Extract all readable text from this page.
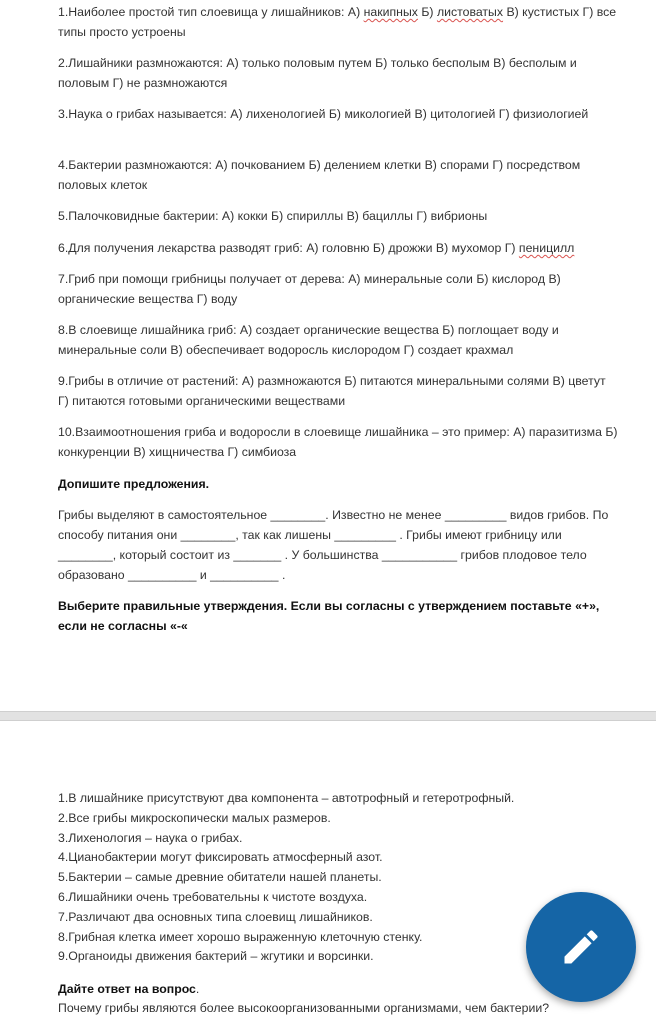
1.Наиболее простой тип слоевища у лишайников: А) накипных Б) листоватых В) кустистых Г) все типы просто устроены

2.Лишайники размножаются: А) только половым путем Б) только бесполым В) бесполым и половым Г) не размножаются

3.Наука о грибах называется: А) лихенологией Б) микологией В) цитологией Г) физиологией

4.Бактерии размножаются: А) почкованием Б) делением клетки В) спорами Г) посредством половых клеток

5.Палочковидные бактерии: А) кокки Б) спириллы В) бациллы Г) вибрионы

6.Для получения лекарства разводят гриб: А) головню Б) дрожжи В) мухомор Г) пеницилл

7.Гриб при помощи грибницы получает от дерева: А) минеральные соли Б) кислород В) органические вещества Г) воду

8.В слоевище лишайника гриб: А) создает органические вещества Б) поглощает воду и минеральные соли В) обеспечивает водоросль кислородом Г) создает крахмал

9.Грибы в отличие от растений: А) размножаются Б) питаются минеральными солями В) цветут Г) питаются готовыми органическими веществами

10.Взаимоотношения гриба и водоросли в слоевище лишайника – это пример: А) паразитизма Б) конкуренции В) хищничества Г) симбиоза

Допишите предложения.

Грибы выделяют в самостоятельное ________. Известно не менее _________ видов грибов. По способу питания они ________, так как лишены _________ . Грибы имеют грибницу или ________, который состоит из _______ . У большинства ___________ грибов плодовое тело образовано __________ и __________ .

Выберите правильные утверждения. Если вы согласны с утверждением поставьте «+», если не согласны «-«
1.В лишайнике присутствуют два компонента – автотрофный и гетеротрофный.
2.Все грибы микроскопически малых размеров.
3.Лихенология – наука о грибах.
4.Цианобактерии могут фиксировать атмосферный азот.
5.Бактерии – самые древние обитатели нашей планеты.
6.Лишайники очень требовательны к чистоте воздуха.
7.Различают два основных типа слоевищ лишайников.
8.Грибная клетка имеет хорошо выраженную клеточную стенку.
9.Органоиды движения бактерий – жгутики и ворсинки.
Дайте ответ на вопрос.
Почему грибы являются более высокоорганизованными организмами, чем бактерии?
